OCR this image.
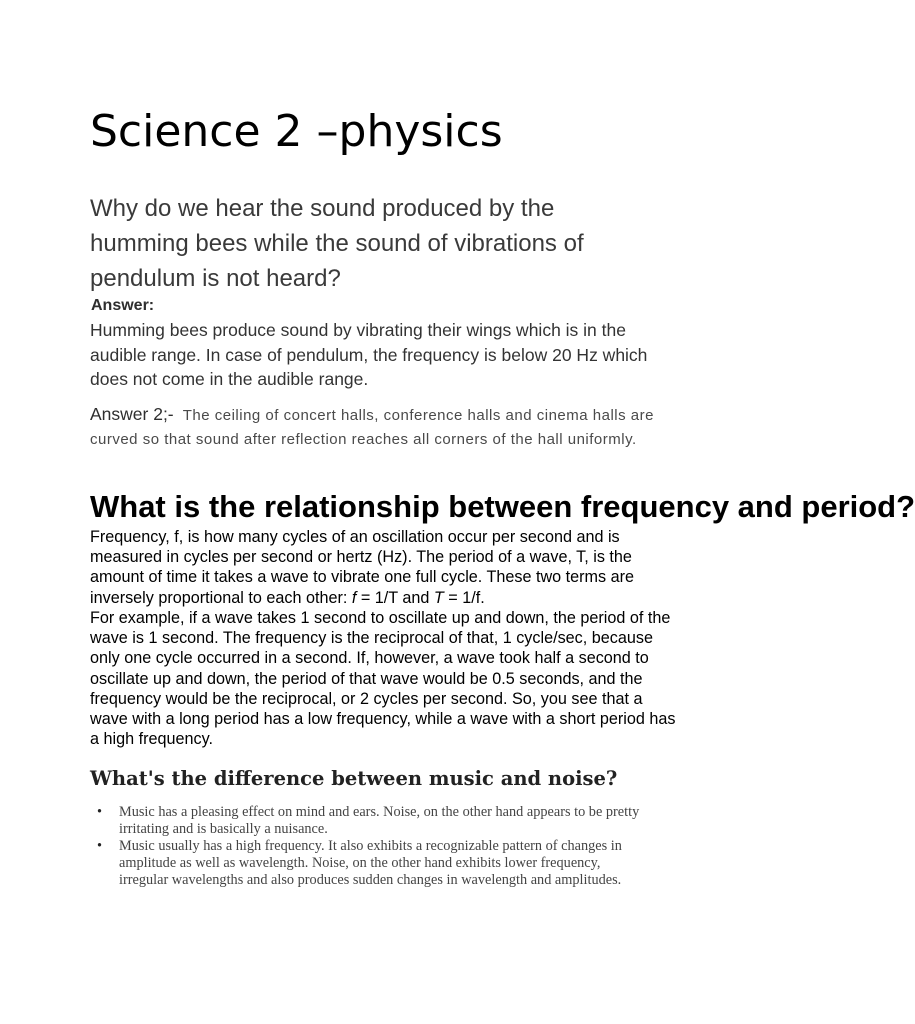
Science 2 –physics

Why do we hear the sound produced by the humming bees while the sound of vibrations of pendulum is not heard?

Answer:

Humming bees produce sound by vibrating their wings which is in the audible range. In case of pendulum, the frequency is below 20 Hz which does not come in the audible range.

Answer 2;- The ceiling of concert halls, conference halls and cinema halls are curved so that sound after reflection reaches all corners of the hall uniformly.

What is the relationship between frequency and period?

Frequency, f, is how many cycles of an oscillation occur per second and is measured in cycles per second or hertz (Hz). The period of a wave, T, is the amount of time it takes a wave to vibrate one full cycle. These two terms are inversely proportional to each other: f = 1/T and T = 1/f.

For example, if a wave takes 1 second to oscillate up and down, the period of the wave is 1 second. The frequency is the reciprocal of that, 1 cycle/sec, because only one cycle occurred in a second. If, however, a wave took half a second to oscillate up and down, the period of that wave would be 0.5 seconds, and the frequency would be the reciprocal, or 2 cycles per second. So, you see that a wave with a long period has a low frequency, while a wave with a short period has a high frequency.

What's the difference between music and noise?
• Music has a pleasing effect on mind and ears. Noise, on the other hand appears to be pretty irritating and is basically a nuisance.
• Music usually has a high frequency. It also exhibits a recognizable pattern of changes in amplitude as well as wavelength. Noise, on the other hand exhibits lower frequency, irregular wavelengths and also produces sudden changes in wavelength and amplitudes.
